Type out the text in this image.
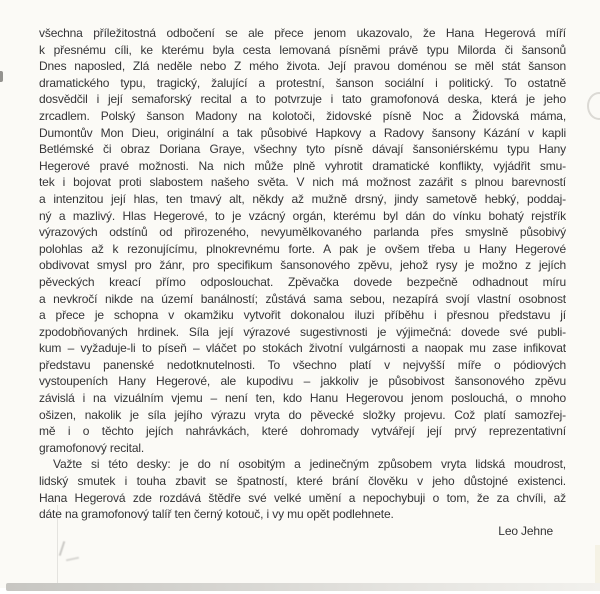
všechna příležitostná odbočení se ale přece jenom ukazovalo, že Hana Hegerová míří
k přesnému cíli, ke kterému byla cesta lemovaná písněmi právě typu Milorda či šansonů
Dnes naposled, Zlá neděle nebo Z mého života. Její pravou doménou se měl stát šanson
dramatického typu, tragický, žalující a protestní, šanson sociální i politický. To ostatně
dosvědčil i její semaforský recital a to potvrzuje i tato gramofonová deska, která je jeho
zrcadlem. Polský šanson Madony na kolotoči, židovské písně Noc a Židovská máma,
Dumontův Mon Dieu, originální a tak působivé Hapkovy a Radovy šansony Kázání v kapli
Betlémské či obraz Doriana Graye, všechny tyto písně dávají šansoniérskému typu Hany
Hegerové pravé možnosti. Na nich může plně vyhrotit dramatické konflikty, vyjádřit smu-
tek i bojovat proti slabostem našeho světa. V nich má možnost zazářit s plnou barevností
a intenzitou její hlas, ten tmavý alt, někdy až mužně drsný, jindy sametově hebký, poddaj-
ný a mazlivý. Hlas Hegerové, to je vzácný orgán, kterému byl dán do vínku bohatý rejstřík
výrazových odstínů od přirozeného, nevyumělkovaného parlanda přes smyslně působivý
polohlas až k rezonujícímu, plnokrevnému forte. A pak je ovšem třeba u Hany Hegerové
obdivovat smysl pro žánr, pro specifikum šansonového zpěvu, jehož rysy je možno z jejích
pěveckých kreací přímo odposlouchat. Zpěvačka dovede bezpečně odhadnout míru
a nevkročí nikde na území banálností; zůstává sama sebou, nezapírá svojí vlastní osobnost
a přece je schopna v okamžiku vytvořit dokonalou iluzi příběhu i přesnou představu jí
zpodobňovaných hrdinek. Síla její výrazové sugestivnosti je výjimečná: dovede své publi-
kum – vyžaduje-li to píseň – vláčet po stokách životní vulgárnosti a naopak mu zase infikovat
představu panenské nedotknutelnosti. To všechno platí v nejvyšší míře o pódiových
vystoupeních Hany Hegerové, ale kupodivu – jakkoliv je působivost šansonového zpěvu
závislá i na vizuálním vjemu – není ten, kdo Hanu Hegerovou jenom poslouchá, o mnoho
ošizen, nakolik je síla jejího výrazu vryta do pěvecké složky projevu. Což platí samozřej-
mě i o těchto jejích nahrávkách, které dohromady vytvářejí její prvý reprezentativní
gramofonový recital.
Važte si této desky: je do ní osobitým a jedinečným způsobem vryta lidská moudrost,
lidský smutek i touha zbavit se špatností, které brání člověku v jeho důstojné existenci.
Hana Hegerová zde rozdává štědře své velké umění a nepochybuji o tom, že za chvíli, až
dáte na gramofonový talíř ten černý kotouč, i vy mu opět podlehnete.
Leo Jehne
